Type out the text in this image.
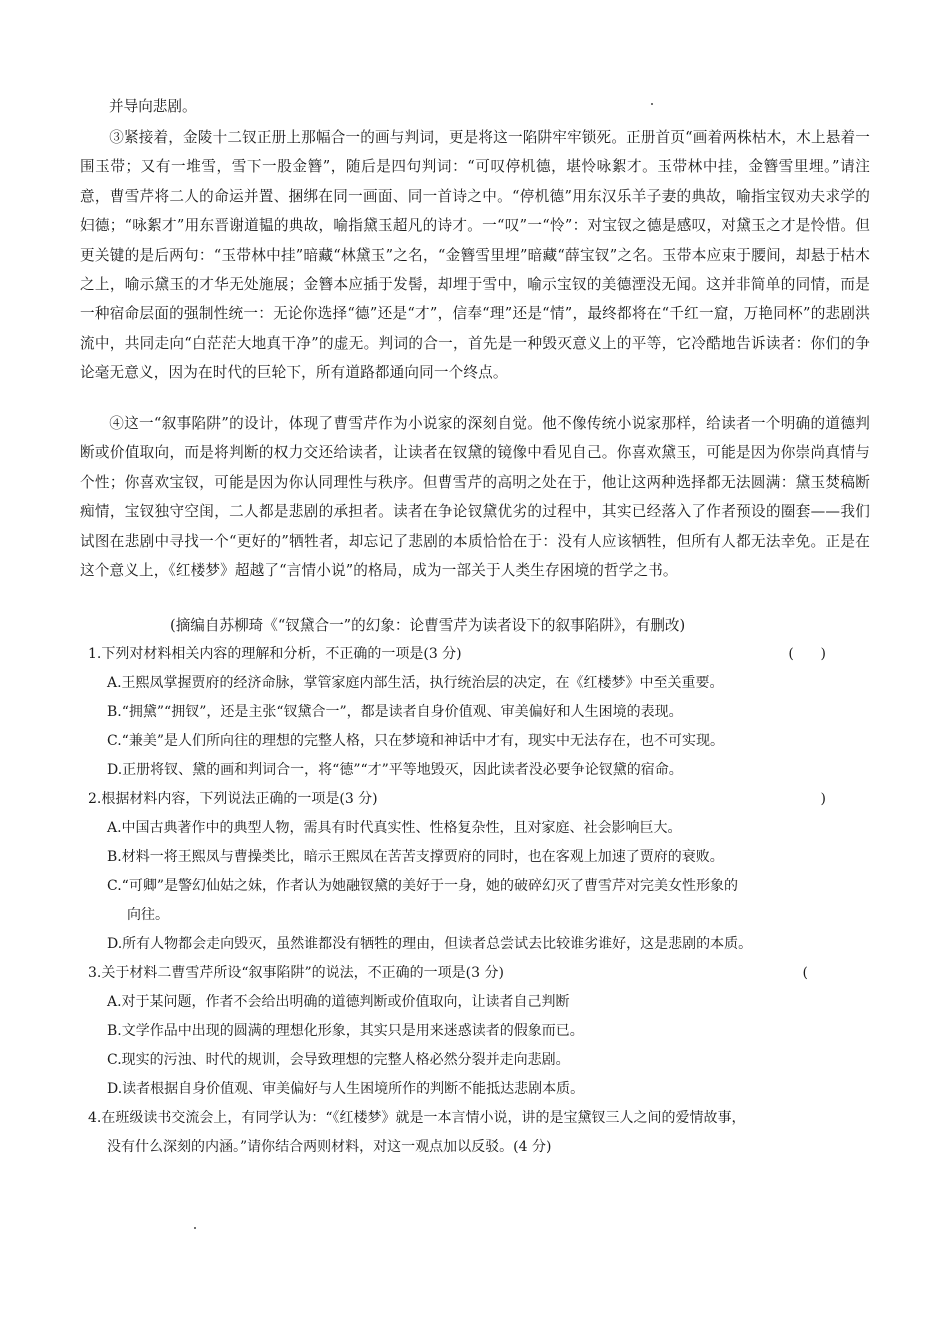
并导向悲剧。

③紧接着，金陵十二钗正册上那幅合一的画与判词，更是将这一陷阱牢牢锁死。正册首页“画着两株枯木，木上悬着一围玉带；又有一堆雪，雪下一股金簪”，随后是四句判词：“可叹停机德，堪怜咏絮才。玉带林中挂，金簪雪里埋。”请注意，曹雪芹将二人的命运并置、捆绑在同一画面、同一首诗之中。“停机德”用东汉乐羊子妻的典故，喻指宝钗劝夫求学的妇德；“咏絮才”用东晋谢道韫的典故，喻指黛玉超凡的诗才。一“叹”一“怜”：对宝钗之德是感叹，对黛玉之才是怜惜。但更关键的是后两句：“玉带林中挂”暗藏“林黛玉”之名，“金簪雪里埋”暗藏“薛宝钗”之名。玉带本应束于腰间，却悬于枯木之上，喻示黛玉的才华无处施展；金簪本应插于发髻，却埋于雪中，喻示宝钗的美德湮没无闻。这并非简单的同情，而是一种宿命层面的强制性统一：无论你选择“德”还是“才”，信奉“理”还是“情”，最终都将在“千红一窟，万艳同杯”的悲剧洪流中，共同走向“白茫茫大地真干净”的虚无。判词的合一，首先是一种毁灭意义上的平等，它冷酷地告诉读者：你们的争论毫无意义，因为在时代的巨轮下，所有道路都通向同一个终点。

④这一“叙事陷阱”的设计，体现了曹雪芹作为小说家的深刻自觉。他不像传统小说家那样，给读者一个明确的道德判断或价值取向，而是将判断的权力交还给读者，让读者在钗黛的镜像中看见自己。你喜欢黛玉，可能是因为你崇尚真情与个性；你喜欢宝钗，可能是因为你认同理性与秩序。但曹雪芹的高明之处在于，他让这两种选择都无法圆满：黛玉焚稿断痴情，宝钗独守空闺，二人都是悲剧的承担者。读者在争论钗黛优劣的过程中，其实已经落入了作者预设的圈套——我们试图在悲剧中寻找一个“更好的”牺牲者，却忘记了悲剧的本质恰恰在于：没有人应该牺牲，但所有人都无法幸免。正是在这个意义上，《红楼梦》超越了“言情小说”的格局，成为一部关于人类生存困境的哲学之书。

(摘编自苏柳琦《“钗黛合一”的幻象：论曹雪芹为读者设下的叙事陷阱》，有删改)
1.下列对材料相关内容的理解和分析，不正确的一项是(3 分)	(      )
A.王熙凤掌握贾府的经济命脉，掌管家庭内部生活，执行统治层的决定，在《红楼梦》中至关重要。
B.“拥黛”“拥钗”，还是主张“钗黛合一”，都是读者自身价值观、审美偏好和人生困境的表现。
C.“兼美”是人们所向往的理想的完整人格，只在梦境和神话中才有，现实中无法存在，也不可实现。
D.正册将钗、黛的画和判词合一，将“德”“才”平等地毁灭，因此读者没必要争论钗黛的宿命。
2.根据材料内容，下列说法正确的一项是(3 分)	)
A.中国古典著作中的典型人物，需具有时代真实性、性格复杂性，且对家庭、社会影响巨大。
B.材料一将王熙凤与曹操类比，暗示王熙凤在苦苦支撑贾府的同时，也在客观上加速了贾府的衰败。
C.“可卿”是警幻仙姑之妹，作者认为她融钗黛的美好于一身，她的破碎幻灭了曹雪芹对完美女性形象的
向往。
D.所有人物都会走向毁灭，虽然谁都没有牺牲的理由，但读者总尝试去比较谁劣谁好，这是悲剧的本质。
3.关于材料二曹雪芹所设“叙事陷阱”的说法，不正确的一项是(3 分)	(
A.对于某问题，作者不会给出明确的道德判断或价值取向，让读者自己判断
B.文学作品中出现的圆满的理想化形象，其实只是用来迷惑读者的假象而已。
C.现实的污浊、时代的规训，会导致理想的完整人格必然分裂并走向悲剧。
D.读者根据自身价值观、审美偏好与人生困境所作的判断不能抵达悲剧本质。
4.在班级读书交流会上，有同学认为：“《红楼梦》就是一本言情小说，讲的是宝黛钗三人之间的爱情故事，
没有什么深刻的内涵。”请你结合两则材料，对这一观点加以反驳。(4 分)
